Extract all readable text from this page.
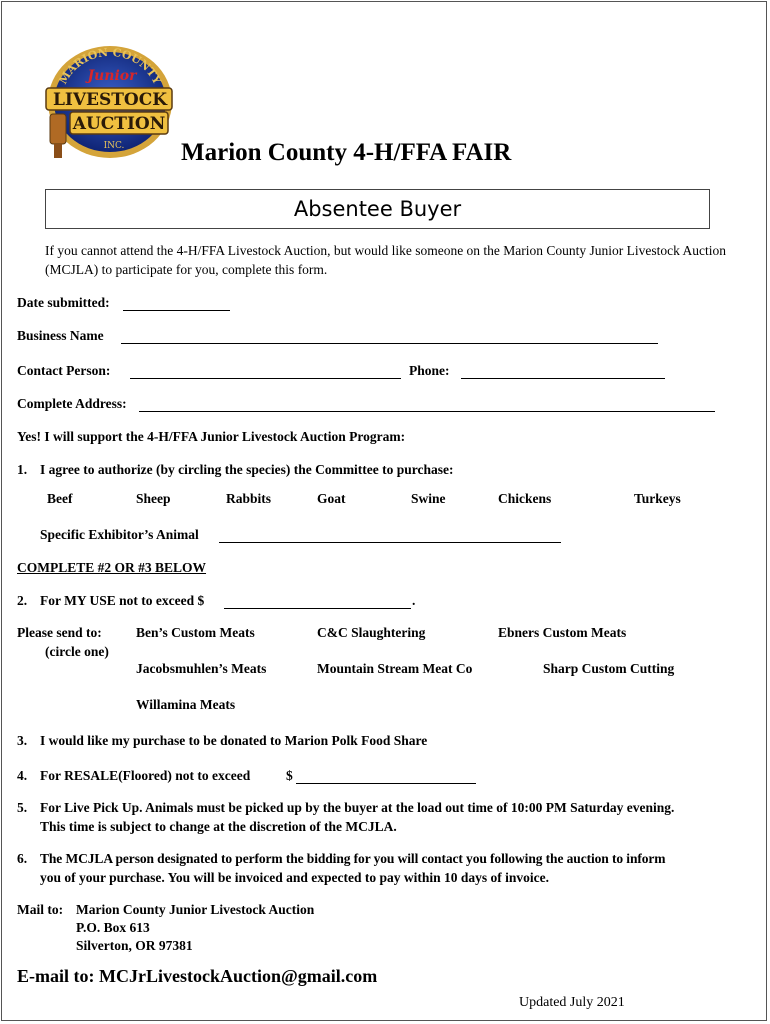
MARION COUNTY
Junior
LIVESTOCK
AUCTION
INC. Marion County 4-H/FFA FAIR
Absentee Buyer
If you cannot attend the 4-H/FFA Livestock Auction, but would like someone on the Marion County Junior Livestock Auction (MCJLA) to participate for you, complete this form.
Date submitted:
Business Name
Contact Person:	Phone:
Complete Address:
Yes! I will support the 4-H/FFA Junior Livestock Auction Program:
1. I agree to authorize (by circling the species) the Committee to purchase:
Beef	Sheep	Rabbits	Goat	Swine	Chickens	Turkeys
Specific Exhibitor’s Animal
COMPLETE #2 OR #3 BELOW
2. For MY USE not to exceed $	.
Please send to:
(circle one)
Ben’s Custom Meats	C&C Slaughtering	Ebners Custom Meats
Jacobsmuhlen’s Meats	Mountain Stream Meat Co	Sharp Custom Cutting
Willamina Meats
3. I would like my purchase to be donated to Marion Polk Food Share
4. For RESALE(Floored) not to exceed	$
5. For Live Pick Up. Animals must be picked up by the buyer at the load out time of 10:00 PM Saturday evening.
This time is subject to change at the discretion of the MCJLA.
6. The MCJLA person designated to perform the bidding for you will contact you following the auction to inform
you of your purchase. You will be invoiced and expected to pay within 10 days of invoice.
Mail to: Marion County Junior Livestock Auction
P.O. Box 613
Silverton, OR 97381
E-mail to: MCJrLivestockAuction@gmail.com
Updated July 2021
